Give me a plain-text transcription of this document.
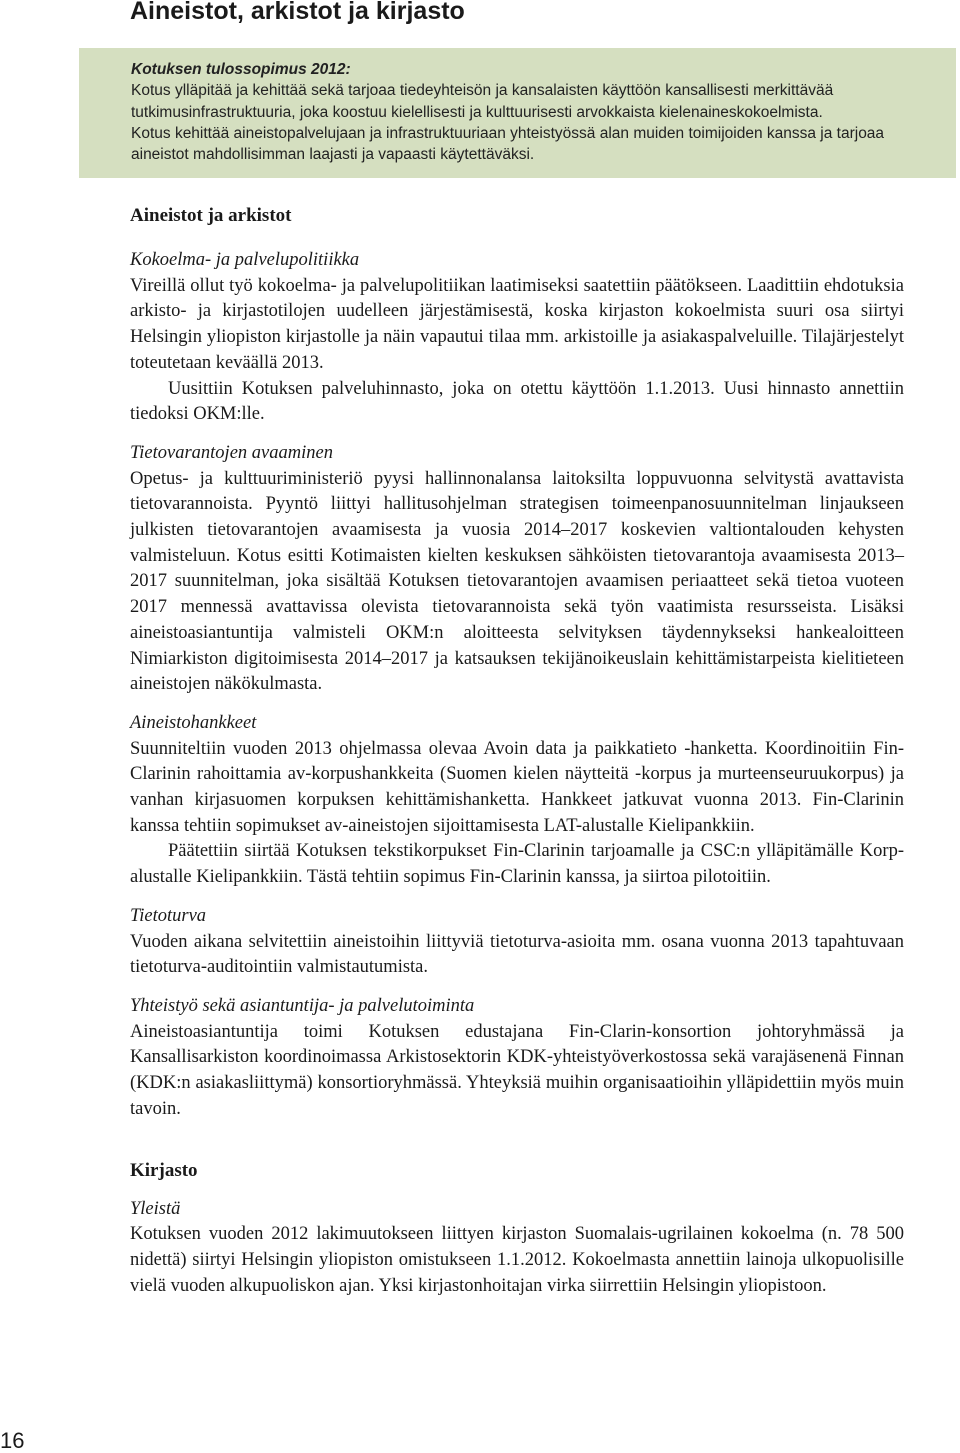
Aineistot, arkistot ja kirjasto
Kotuksen tulossopimus 2012:
Kotus ylläpitää ja kehittää sekä tarjoaa tiedeyhteisön ja kansalaisten käyttöön kansallisesti merkittävää tutkimusinfrastruktuuria, joka koostuu kielellisesti ja kulttuurisesti arvokkaista kielenaineskokoelmista.
Kotus kehittää aineistopalvelujaan ja infrastruktuuriaan yhteistyössä alan muiden toimijoiden kanssa ja tarjoaa aineistot mahdollisimman laajasti ja vapaasti käytettäväksi.
Aineistot ja arkistot
Kokoelma- ja palvelupolitiikka

Vireillä ollut työ kokoelma- ja palvelupolitiikan laatimiseksi saatettiin päätökseen. Laadittiin ehdotuksia arkisto- ja kirjastotilojen uudelleen järjestämisestä, koska kirjaston kokoelmista suuri osa siirtyi Helsingin yliopiston kirjastolle ja näin vapautui tilaa mm. arkistoille ja asiakaspalveluille. Tilajärjestelyt toteutetaan keväällä 2013.

Uusittiin Kotuksen palveluhinnasto, joka on otettu käyttöön 1.1.2013. Uusi hinnasto annettiin tiedoksi OKM:lle.

Tietovarantojen avaaminen

Opetus- ja kulttuuriministeriö pyysi hallinnonalansa laitoksilta loppuvuonna selvitystä avattavista tietovarannoista. Pyyntö liittyi hallitusohjelman strategisen toimeenpanosuunnitelman linjaukseen julkisten tietovarantojen avaamisesta ja vuosia 2014–2017 koskevien valtiontalouden kehysten valmisteluun. Kotus esitti Kotimaisten kielten keskuksen sähköisten tietovarantoja avaamisesta 2013–2017 suunnitelman, joka sisältää Kotuksen tietovarantojen avaamisen periaatteet sekä tietoa vuoteen 2017 mennessä avattavissa olevista tietovarannoista sekä työn vaatimista resursseista. Lisäksi aineistoasiantuntija valmisteli OKM:n aloitteesta selvityksen täydennykseksi hankealoitteen Nimiarkiston digitoimisesta 2014–2017 ja katsauksen tekijänoikeuslain kehittämistarpeista kielitieteen aineistojen näkökulmasta.

Aineistohankkeet

Suunniteltiin vuoden 2013 ohjelmassa olevaa Avoin data ja paikkatieto -hanketta. Koordinoitiin Fin-Clarinin rahoittamia av-korpushankkeita (Suomen kielen näytteitä -korpus ja murteenseuruukorpus) ja vanhan kirjasuomen korpuksen kehittämishanketta. Hankkeet jatkuvat vuonna 2013. Fin-Clarinin kanssa tehtiin sopimukset av-aineistojen sijoittamisesta LAT-alustalle Kielipankkiin.

Päätettiin siirtää Kotuksen tekstikorpukset Fin-Clarinin tarjoamalle ja CSC:n ylläpitämälle Korp-alustalle Kielipankkiin. Tästä tehtiin sopimus Fin-Clarinin kanssa, ja siirtoa pilotoitiin.

Tietoturva

Vuoden aikana selvitettiin aineistoihin liittyviä tietoturva-asioita mm. osana vuonna 2013 tapahtuvaan tietoturva-auditointiin valmistautumista.

Yhteistyö sekä asiantuntija- ja palvelutoiminta

Aineistoasiantuntija toimi Kotuksen edustajana Fin-Clarin-konsortion johtoryhmässä ja Kansallisarkiston koordinoimassa Arkistosektorin KDK-yhteistyöverkostossa sekä varajäsenenä Finnan (KDK:n asiakasliittymä) konsortioryhmässä. Yhteyksiä muihin organisaatioihin ylläpidettiin myös muin tavoin.

Kirjasto
Yleistä

Kotuksen vuoden 2012 lakimuutokseen liittyen kirjaston Suomalais-ugrilainen kokoelma (n. 78 500 nidettä) siirtyi Helsingin yliopiston omistukseen 1.1.2012. Kokoelmasta annettiin lainoja ulkopuolisille vielä vuoden alkupuoliskon ajan. Yksi kirjastonhoitajan virka siirrettiin Helsingin yliopistoon.

16
